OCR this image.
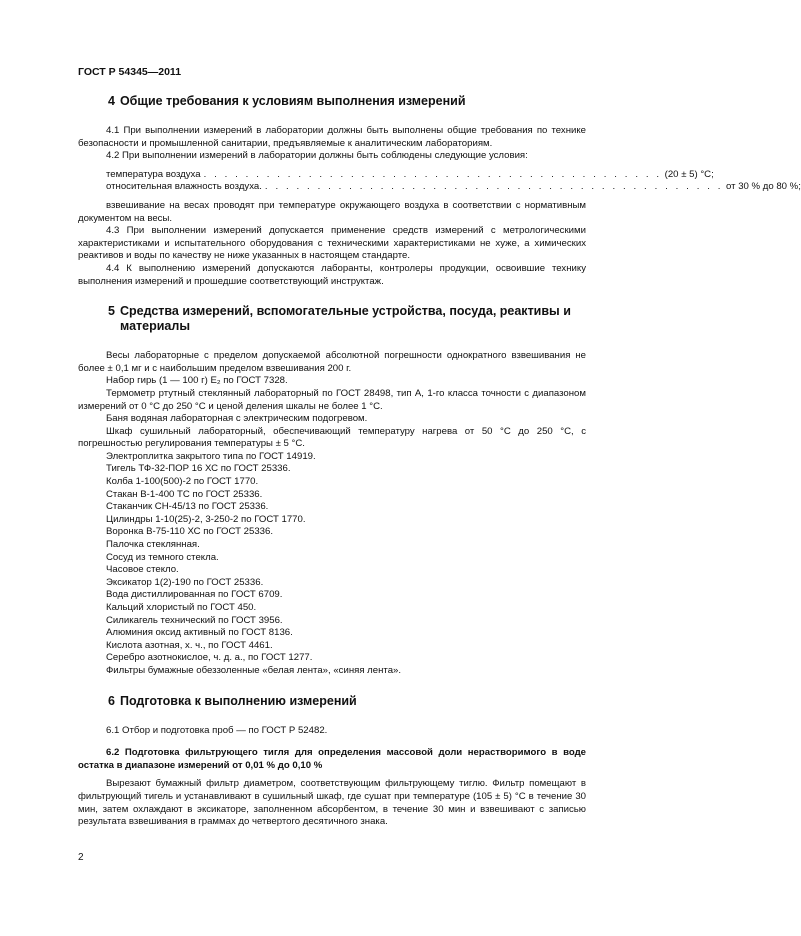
ГОСТ Р 54345—2011
4 Общие требования к условиям выполнения измерений

4.1 При выполнении измерений в лаборатории должны быть выполнены общие требования по технике безопасности и промышленной санитарии, предъявляемые к аналитическим лабораториям.

4.2 При выполнении измерений в лаборатории должны быть соблюдены следующие условия:

температура воздуха . . . . . . . . . . . . . . . . . . . . . . . . . . . . . . . . . . . . . . . . . . . . (20 ± 5) °С;
относительная влажность воздуха. . . . . . . . . . . . . . . . . . . . . . . . . . . . . . . . . . . . . . . . . . . . . от 30 % до 80 %;

взвешивание на весах проводят при температуре окружающего воздуха в соответствии с нормативным документом на весы.

4.3 При выполнении измерений допускается применение средств измерений с метрологическими характеристиками и испытательного оборудования с техническими характеристиками не хуже, а химических реактивов и воды по качеству не ниже указанных в настоящем стандарте.

4.4 К выполнению измерений допускаются лаборанты, контролеры продукции, освоившие технику выполнения измерений и прошедшие соответствующий инструктаж.

5 Средства измерений, вспомогательные устройства, посуда, реактивы и материалы

Весы лабораторные с пределом допускаемой абсолютной погрешности однократного взвешивания не более ± 0,1 мг и с наибольшим пределом взвешивания 200 г.

Набор гирь (1 — 100 г) E₂ по ГОСТ 7328.

Термометр ртутный стеклянный лабораторный по ГОСТ 28498, тип А, 1-го класса точности с диапазоном измерений от 0 °С до 250 °С и ценой деления шкалы не более 1 °С.

Баня водяная лабораторная с электрическим подогревом.

Шкаф сушильный лабораторный, обеспечивающий температуру нагрева от 50 °С до 250 °С, с погрешностью регулирования температуры ± 5 °С.

Электроплитка закрытого типа по ГОСТ 14919.

Тигель ТФ-32-ПОР 16 ХС по ГОСТ 25336.

Колба 1-100(500)-2 по ГОСТ 1770.

Стакан В-1-400 ТС по ГОСТ 25336.

Стаканчик СН-45/13 по ГОСТ 25336.

Цилиндры 1-10(25)-2, 3-250-2 по ГОСТ 1770.

Воронка В-75-110 ХС по ГОСТ 25336.

Палочка стеклянная.

Сосуд из темного стекла.

Часовое стекло.

Эксикатор 1(2)-190 по ГОСТ 25336.

Вода дистиллированная по ГОСТ 6709.

Кальций хлористый по ГОСТ 450.

Силикагель технический по ГОСТ 3956.

Алюминия оксид активный по ГОСТ 8136.

Кислота азотная, х. ч., по ГОСТ 4461.

Серебро азотнокислое, ч. д. а., по ГОСТ 1277.

Фильтры бумажные обеззоленные «белая лента», «синяя лента».

6 Подготовка к выполнению измерений

6.1 Отбор и подготовка проб — по ГОСТ Р 52482.

6.2 Подготовка фильтрующего тигля для определения массовой доли нерастворимого в воде остатка в диапазоне измерений от 0,01 % до 0,10 %

Вырезают бумажный фильтр диаметром, соответствующим фильтрующему тиглю. Фильтр помещают в фильтрующий тигель и устанавливают в сушильный шкаф, где сушат при температуре (105 ± 5) °С в течение 30 мин, затем охлаждают в эксикаторе, заполненном абсорбентом, в течение 30 мин и взвешивают с записью результата взвешивания в граммах до четвертого десятичного знака.

2
